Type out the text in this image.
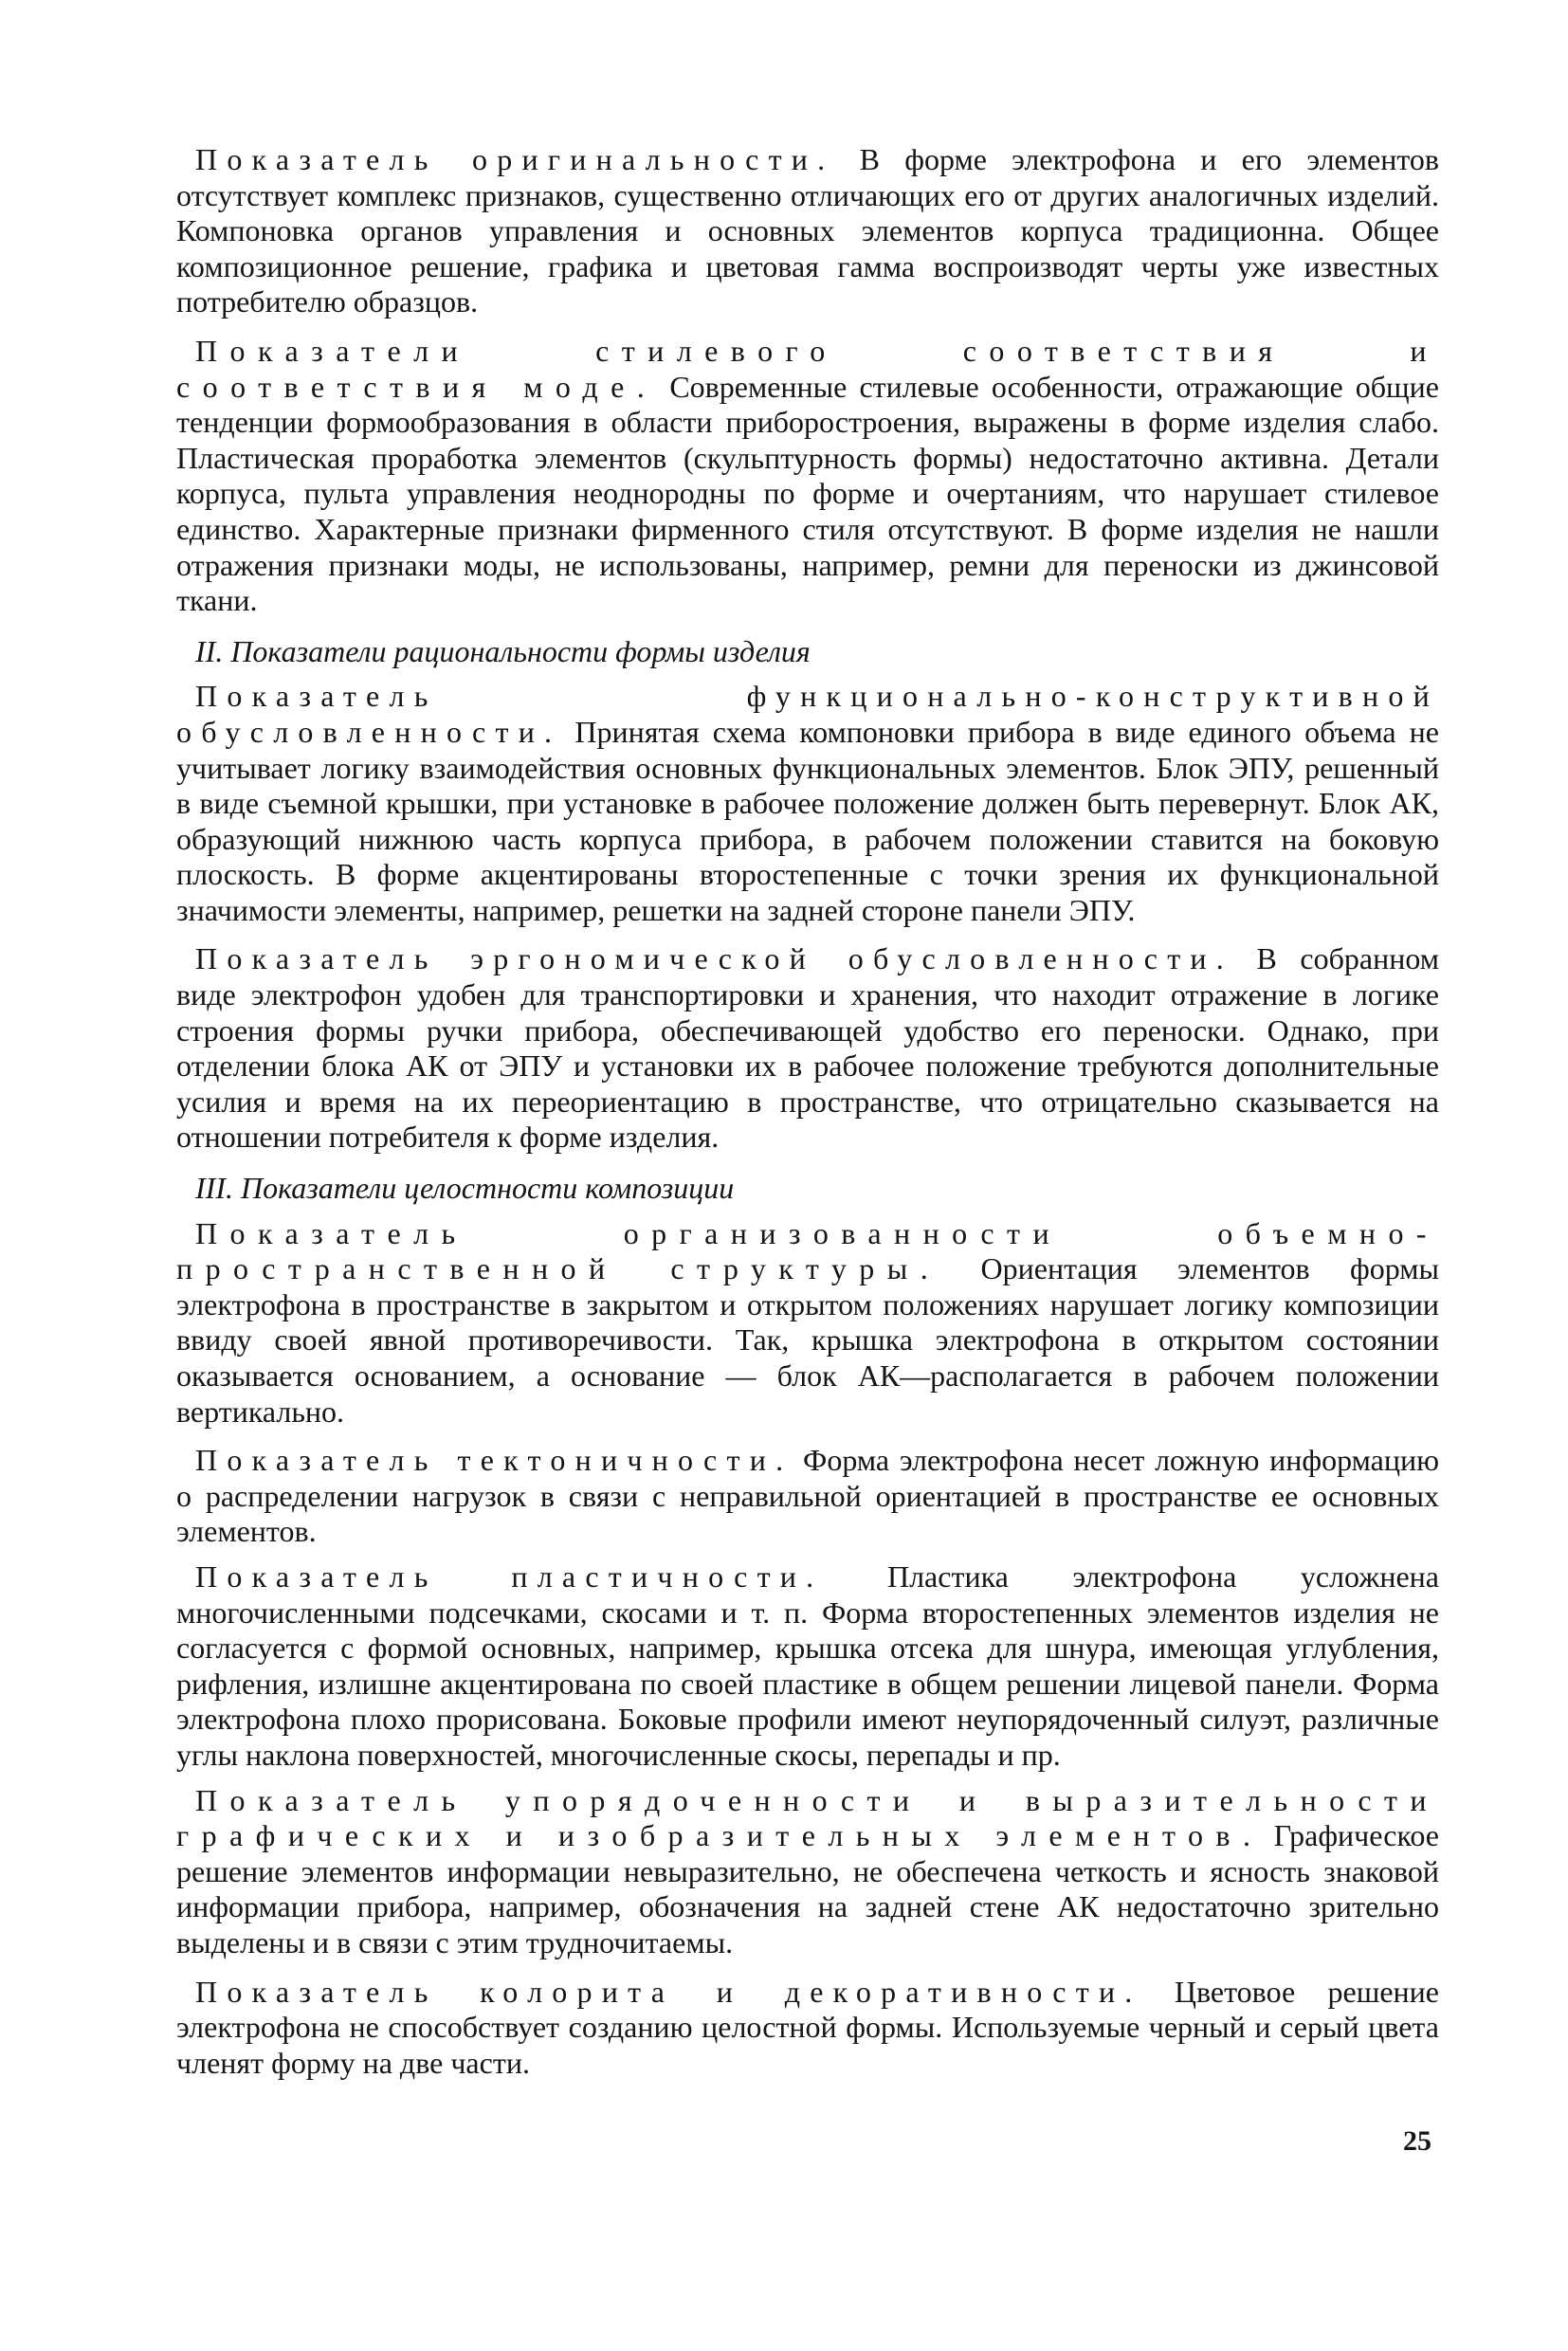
Показатель оригинальности. В форме электрофона и его элементов отсутствует комплекс признаков, существенно отличающих его от других аналогичных изделий. Компоновка органов управления и основных элементов корпуса традиционна. Общее композиционное решение, графика и цветовая гамма воспроизводят черты уже известных потребителю образцов.

Показатели стилевого соответствия и соответствия моде. Современные стилевые особенности, отражающие общие тенденции формообразования в области приборостроения, выражены в форме изделия слабо. Пластическая проработка элементов (скульптурность формы) недостаточно активна. Детали корпуса, пульта управления неоднородны по форме и очертаниям, что нарушает стилевое единство. Характерные признаки фирменного стиля отсутствуют. В форме изделия не нашли отражения признаки моды, не использованы, например, ремни для переноски из джинсовой ткани.

II. Показатели рациональности формы изделия

Показатель функционально-конструктивной обусловленности. Принятая схема компоновки прибора в виде единого объема не учитывает логику взаимодействия основных функциональных элементов. Блок ЭПУ, решенный в виде съемной крышки, при установке в рабочее положение должен быть перевернут. Блок АК, образующий нижнюю часть корпуса прибора, в рабочем положении ставится на боковую плоскость. В форме акцентированы второстепенные с точки зрения их функциональной значимости элементы, например, решетки на задней стороне панели ЭПУ.

Показатель эргономической обусловленности. В собранном виде электрофон удобен для транспортировки и хранения, что находит отражение в логике строения формы ручки прибора, обеспечивающей удобство его переноски. Однако, при отделении блока АК от ЭПУ и установки их в рабочее положение требуются дополнительные усилия и время на их переориентацию в пространстве, что отрицательно сказывается на отношении потребителя к форме изделия.

III. Показатели целостности композиции

Показатель организованности объемно-пространственной структуры. Ориентация элементов формы электрофона в пространстве в закрытом и открытом положениях нарушает логику композиции ввиду своей явной противоречивости. Так, крышка электрофона в открытом состоянии оказывается основанием, а основание — блок АК—располагается в рабочем положении вертикально.

Показатель тектоничности. Форма электрофона несет ложную информацию о распределении нагрузок в связи с неправильной ориентацией в пространстве ее основных элементов.

Показатель пластичности. Пластика электрофона усложнена многочисленными подсечками, скосами и т. п. Форма второстепенных элементов изделия не согласуется с формой основных, например, крышка отсека для шнура, имеющая углубления, рифления, излишне акцентирована по своей пластике в общем решении лицевой панели. Форма электрофона плохо прорисована. Боковые профили имеют неупорядоченный силуэт, различные углы наклона поверхностей, многочисленные скосы, перепады и пр.

Показатель упорядоченности и выразительности графических и изобразительных элементов. Графическое решение элементов информации невыразительно, не обеспечена четкость и ясность знаковой информации прибора, например, обозначения на задней стене АК недостаточно зрительно выделены и в связи с этим трудночитаемы.

Показатель колорита и декоративности. Цветовое решение электрофона не способствует созданию целостной формы. Используемые черный и серый цвета членят форму на две части.

25
